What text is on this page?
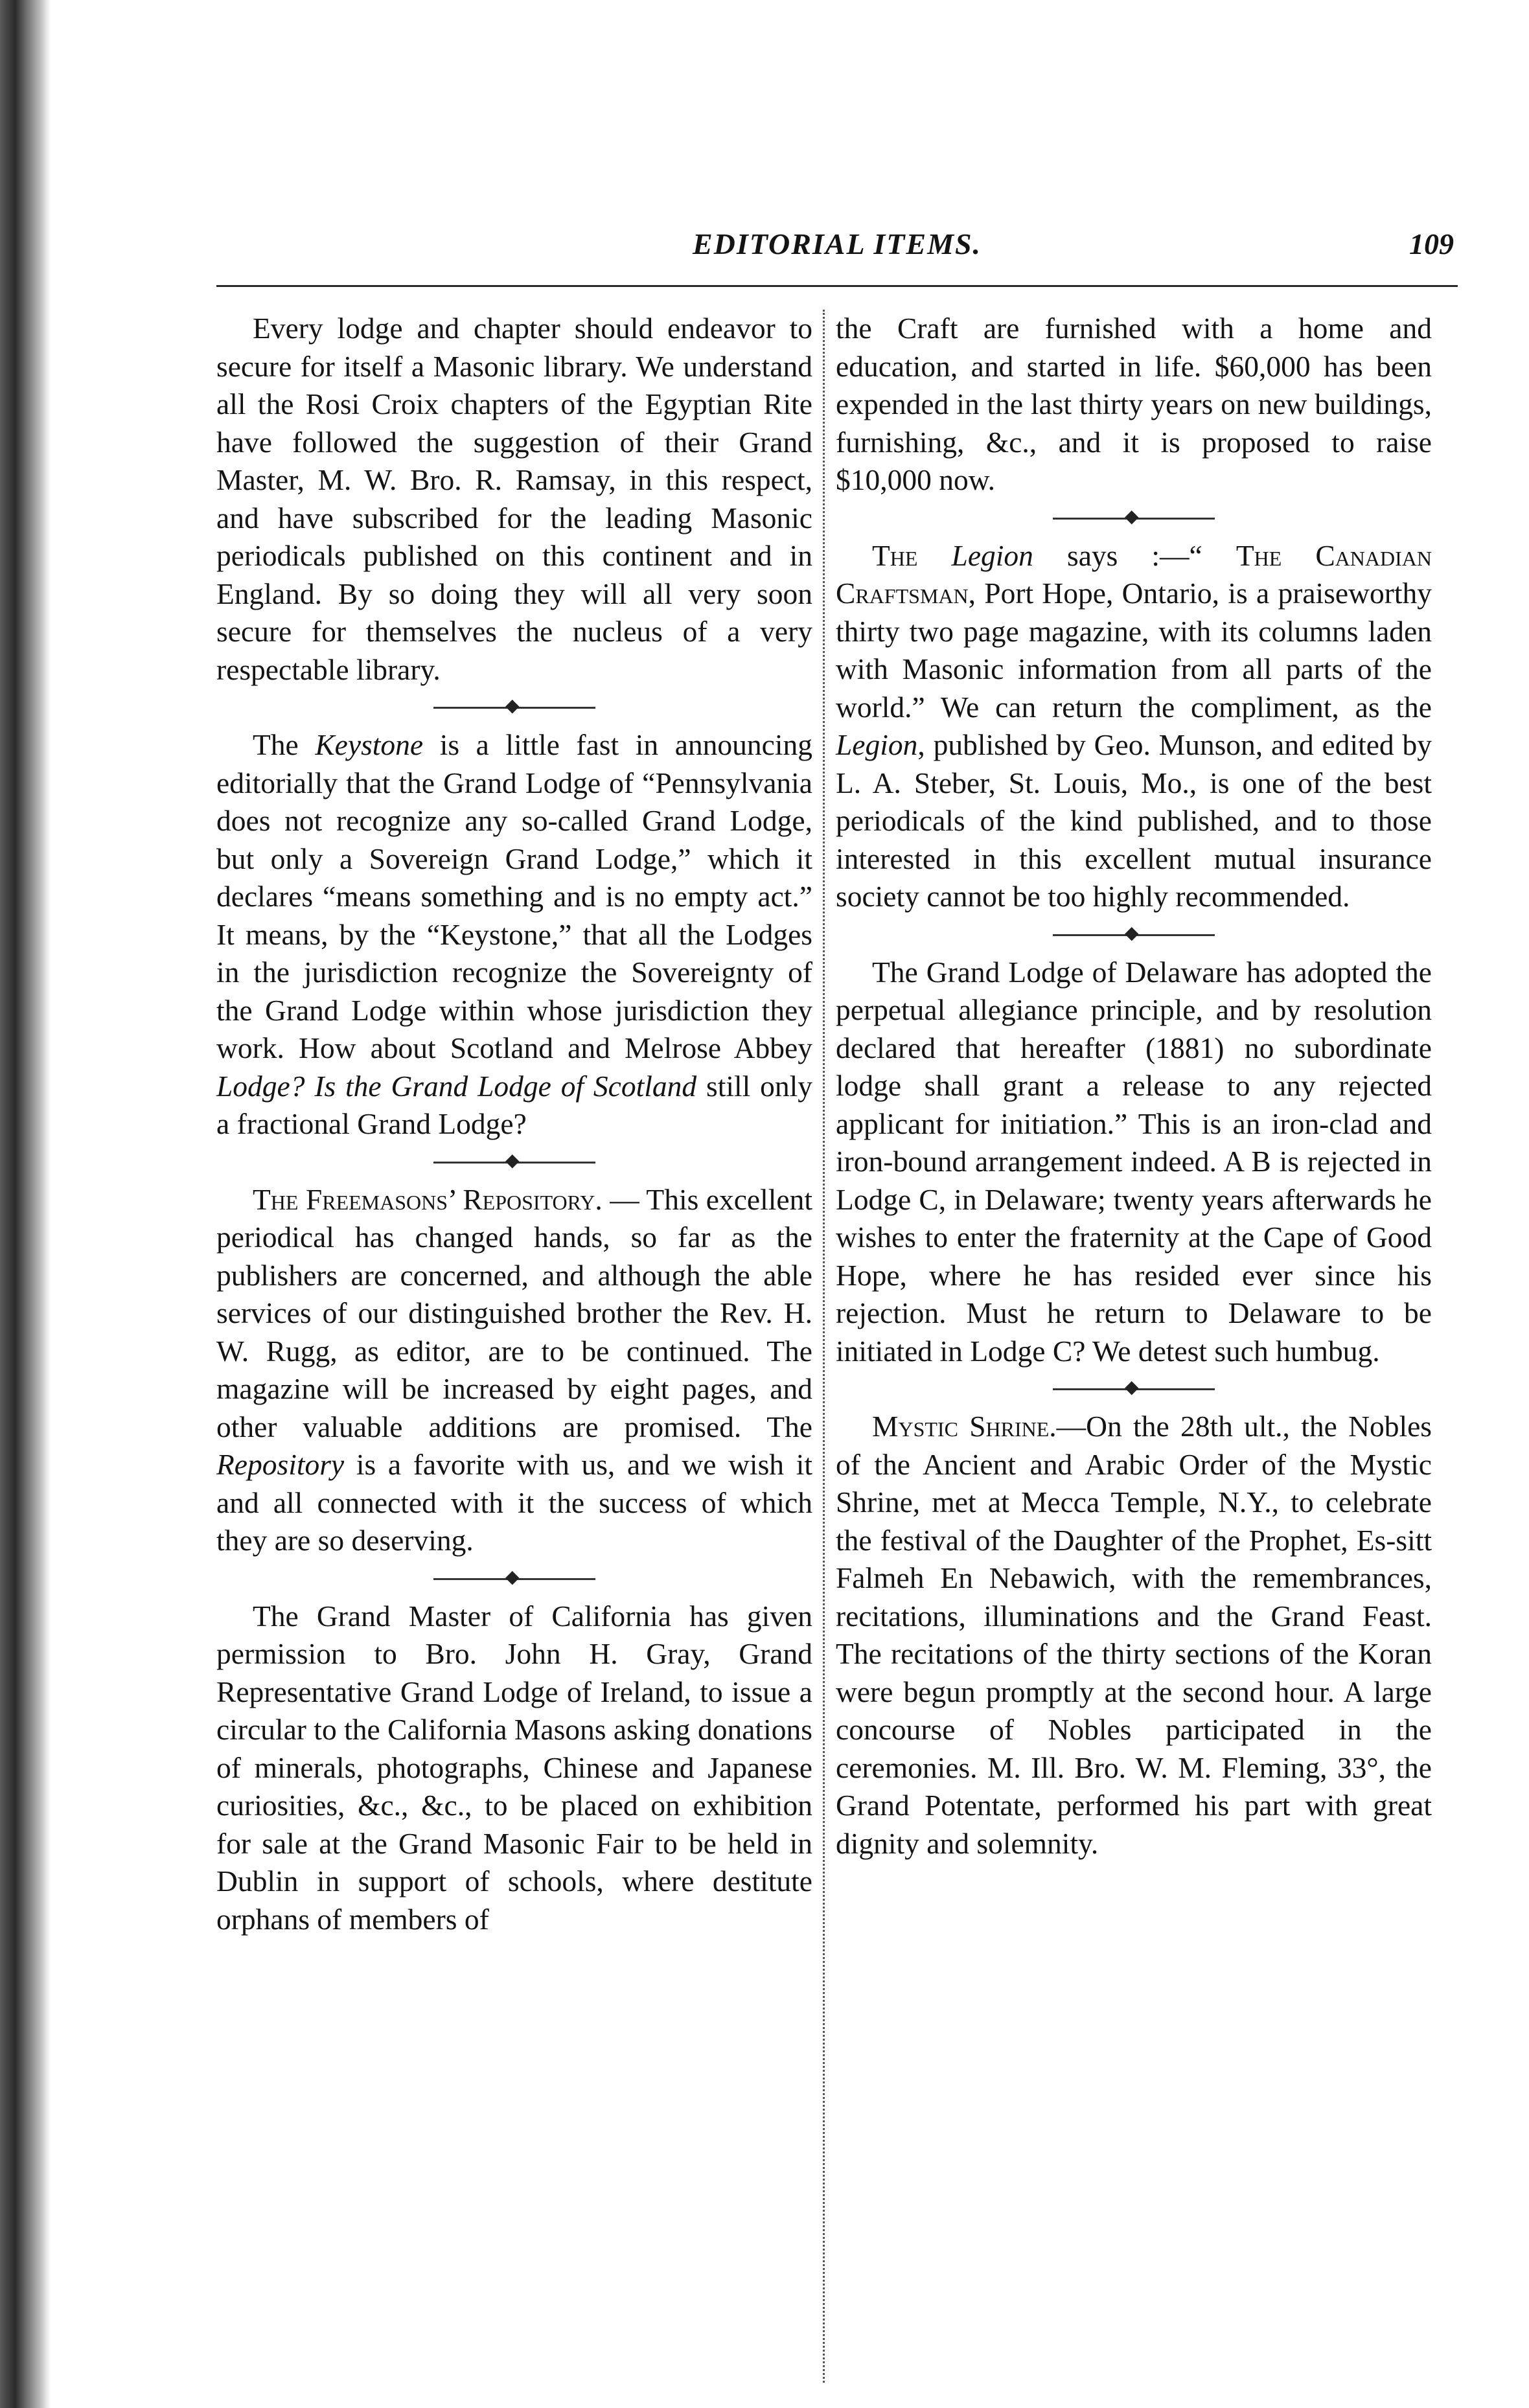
EDITORIAL ITEMS.	109

Every lodge and chapter should endeavor to secure for itself a Masonic library. We understand all the Rosi Croix chapters of the Egyptian Rite have followed the suggestion of their Grand Master, M. W. Bro. R. Ramsay, in this respect, and have subscribed for the leading Masonic periodicals published on this continent and in England. By so doing they will all very soon secure for themselves the nucleus of a very respectable library.

◆

The Keystone is a little fast in announcing editorially that the Grand Lodge of “Pennsylvania does not recognize any so-called Grand Lodge, but only a Sovereign Grand Lodge,” which it declares “means something and is no empty act.” It means, by the “Keystone,” that all the Lodges in the jurisdiction recognize the Sovereignty of the Grand Lodge within whose jurisdiction they work. How about Scotland and Melrose Abbey Lodge? Is the Grand Lodge of Scotland still only a fractional Grand Lodge?

◆

The Freemasons’ Repository. — This excellent periodical has changed hands, so far as the publishers are concerned, and although the able services of our distinguished brother the Rev. H. W. Rugg, as editor, are to be continued. The magazine will be increased by eight pages, and other valuable additions are promised. The Repository is a favorite with us, and we wish it and all connected with it the success of which they are so deserving.

◆

The Grand Master of California has given permission to Bro. John H. Gray, Grand Representative Grand Lodge of Ireland, to issue a circular to the California Masons asking donations of minerals, photographs, Chinese and Japanese curiosities, &c., &c., to be placed on exhibition for sale at the Grand Masonic Fair to be held in Dublin in support of schools, where destitute orphans of members of

the Craft are furnished with a home and education, and started in life. $60,000 has been expended in the last thirty years on new buildings, furnishing, &c., and it is proposed to raise $10,000 now.

◆

The Legion says :—“ The Canadian Craftsman, Port Hope, Ontario, is a praiseworthy thirty two page magazine, with its columns laden with Masonic information from all parts of the world.” We can return the compliment, as the Legion, published by Geo. Munson, and edited by L. A. Steber, St. Louis, Mo., is one of the best periodicals of the kind published, and to those interested in this excellent mutual insurance society cannot be too highly recommended.

◆

The Grand Lodge of Delaware has adopted the perpetual allegiance principle, and by resolution declared that hereafter (1881) no subordinate lodge shall grant a release to any rejected applicant for initiation.” This is an iron-clad and iron-bound arrangement indeed. A B is rejected in Lodge C, in Delaware; twenty years afterwards he wishes to enter the fraternity at the Cape of Good Hope, where he has resided ever since his rejection. Must he return to Delaware to be initiated in Lodge C? We detest such humbug.

◆

Mystic Shrine.—On the 28th ult., the Nobles of the Ancient and Arabic Order of the Mystic Shrine, met at Mecca Temple, N.Y., to celebrate the festival of the Daughter of the Prophet, Es-sitt Falmeh En Nebawich, with the remembrances, recitations, illuminations and the Grand Feast. The recitations of the thirty sections of the Koran were begun promptly at the second hour. A large concourse of Nobles participated in the ceremonies. M. Ill. Bro. W. M. Fleming, 33°, the Grand Potentate, performed his part with great dignity and solemnity.
